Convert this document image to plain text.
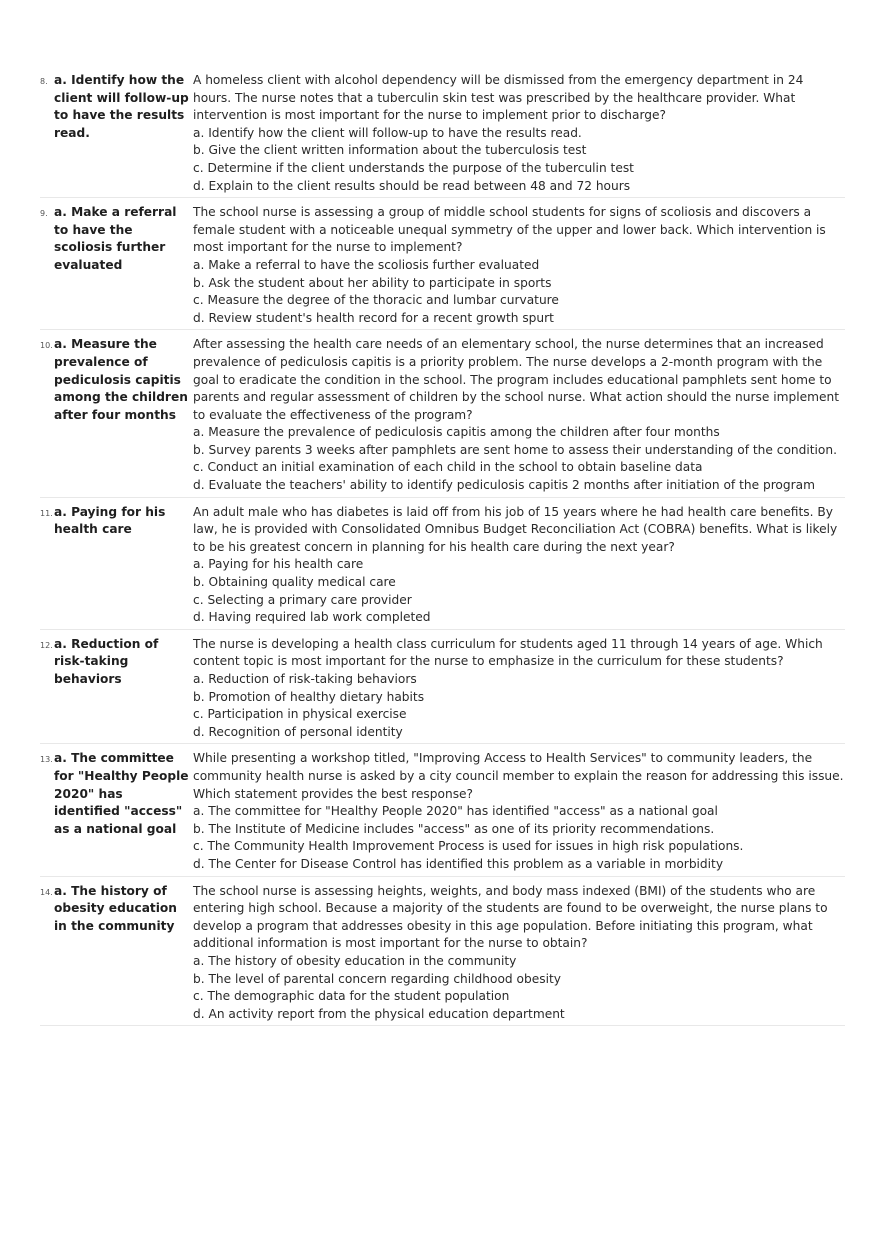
8. a. Identify how the client will follow-up to have the results read.

A homeless client with alcohol dependency will be dismissed from the emergency department in 24 hours. The nurse notes that a tuberculin skin test was prescribed by the healthcare provider. What intervention is most important for the nurse to implement prior to discharge?

a. Identify how the client will follow-up to have the results read.

b. Give the client written information about the tuberculosis test

c. Determine if the client understands the purpose of the tuberculin test

d. Explain to the client results should be read between 48 and 72 hours

9. a. Make a referral to have the scoliosis further evaluated

The school nurse is assessing a group of middle school students for signs of scoliosis and discovers a female student with a noticeable unequal symmetry of the upper and lower back. Which intervention is most important for the nurse to implement?

a. Make a referral to have the scoliosis further evaluated

b. Ask the student about her ability to participate in sports

c. Measure the degree of the thoracic and lumbar curvature

d. Review student's health record for a recent growth spurt

10. a. Measure the prevalence of pediculosis capitis among the children after four months

After assessing the health care needs of an elementary school, the nurse determines that an increased prevalence of pediculosis capitis is a priority problem. The nurse develops a 2-month program with the goal to eradicate the condition in the school. The program includes educational pamphlets sent home to parents and regular assessment of children by the school nurse. What action should the nurse implement to evaluate the effectiveness of the program?

a. Measure the prevalence of pediculosis capitis among the children after four months

b. Survey parents 3 weeks after pamphlets are sent home to assess their understanding of the condition.

c. Conduct an initial examination of each child in the school to obtain baseline data

d. Evaluate the teachers' ability to identify pediculosis capitis 2 months after initiation of the program

11. a. Paying for his health care

An adult male who has diabetes is laid off from his job of 15 years where he had health care benefits. By law, he is provided with Consolidated Omnibus Budget Reconciliation Act (COBRA) benefits. What is likely to be his greatest concern in planning for his health care during the next year?

a. Paying for his health care

b. Obtaining quality medical care

c. Selecting a primary care provider

d. Having required lab work completed

12. a. Reduction of risk-taking behaviors

The nurse is developing a health class curriculum for students aged 11 through 14 years of age. Which content topic is most important for the nurse to emphasize in the curriculum for these students?

a. Reduction of risk-taking behaviors

b. Promotion of healthy dietary habits

c. Participation in physical exercise

d. Recognition of personal identity

13. a. The committee for "Healthy People 2020" has identified "access" as a national goal

While presenting a workshop titled, "Improving Access to Health Services" to community leaders, the community health nurse is asked by a city council member to explain the reason for addressing this issue. Which statement provides the best response?

a. The committee for "Healthy People 2020" has identified "access" as a national goal

b. The Institute of Medicine includes "access" as one of its priority recommendations.

c. The Community Health Improvement Process is used for issues in high risk populations.

d. The Center for Disease Control has identified this problem as a variable in morbidity

14. a. The history of obesity education in the community

The school nurse is assessing heights, weights, and body mass indexed (BMI) of the students who are entering high school. Because a majority of the students are found to be overweight, the nurse plans to develop a program that addresses obesity in this age population. Before initiating this program, what additional information is most important for the nurse to obtain?

a. The history of obesity education in the community

b. The level of parental concern regarding childhood obesity

c. The demographic data for the student population

d. An activity report from the physical education department
